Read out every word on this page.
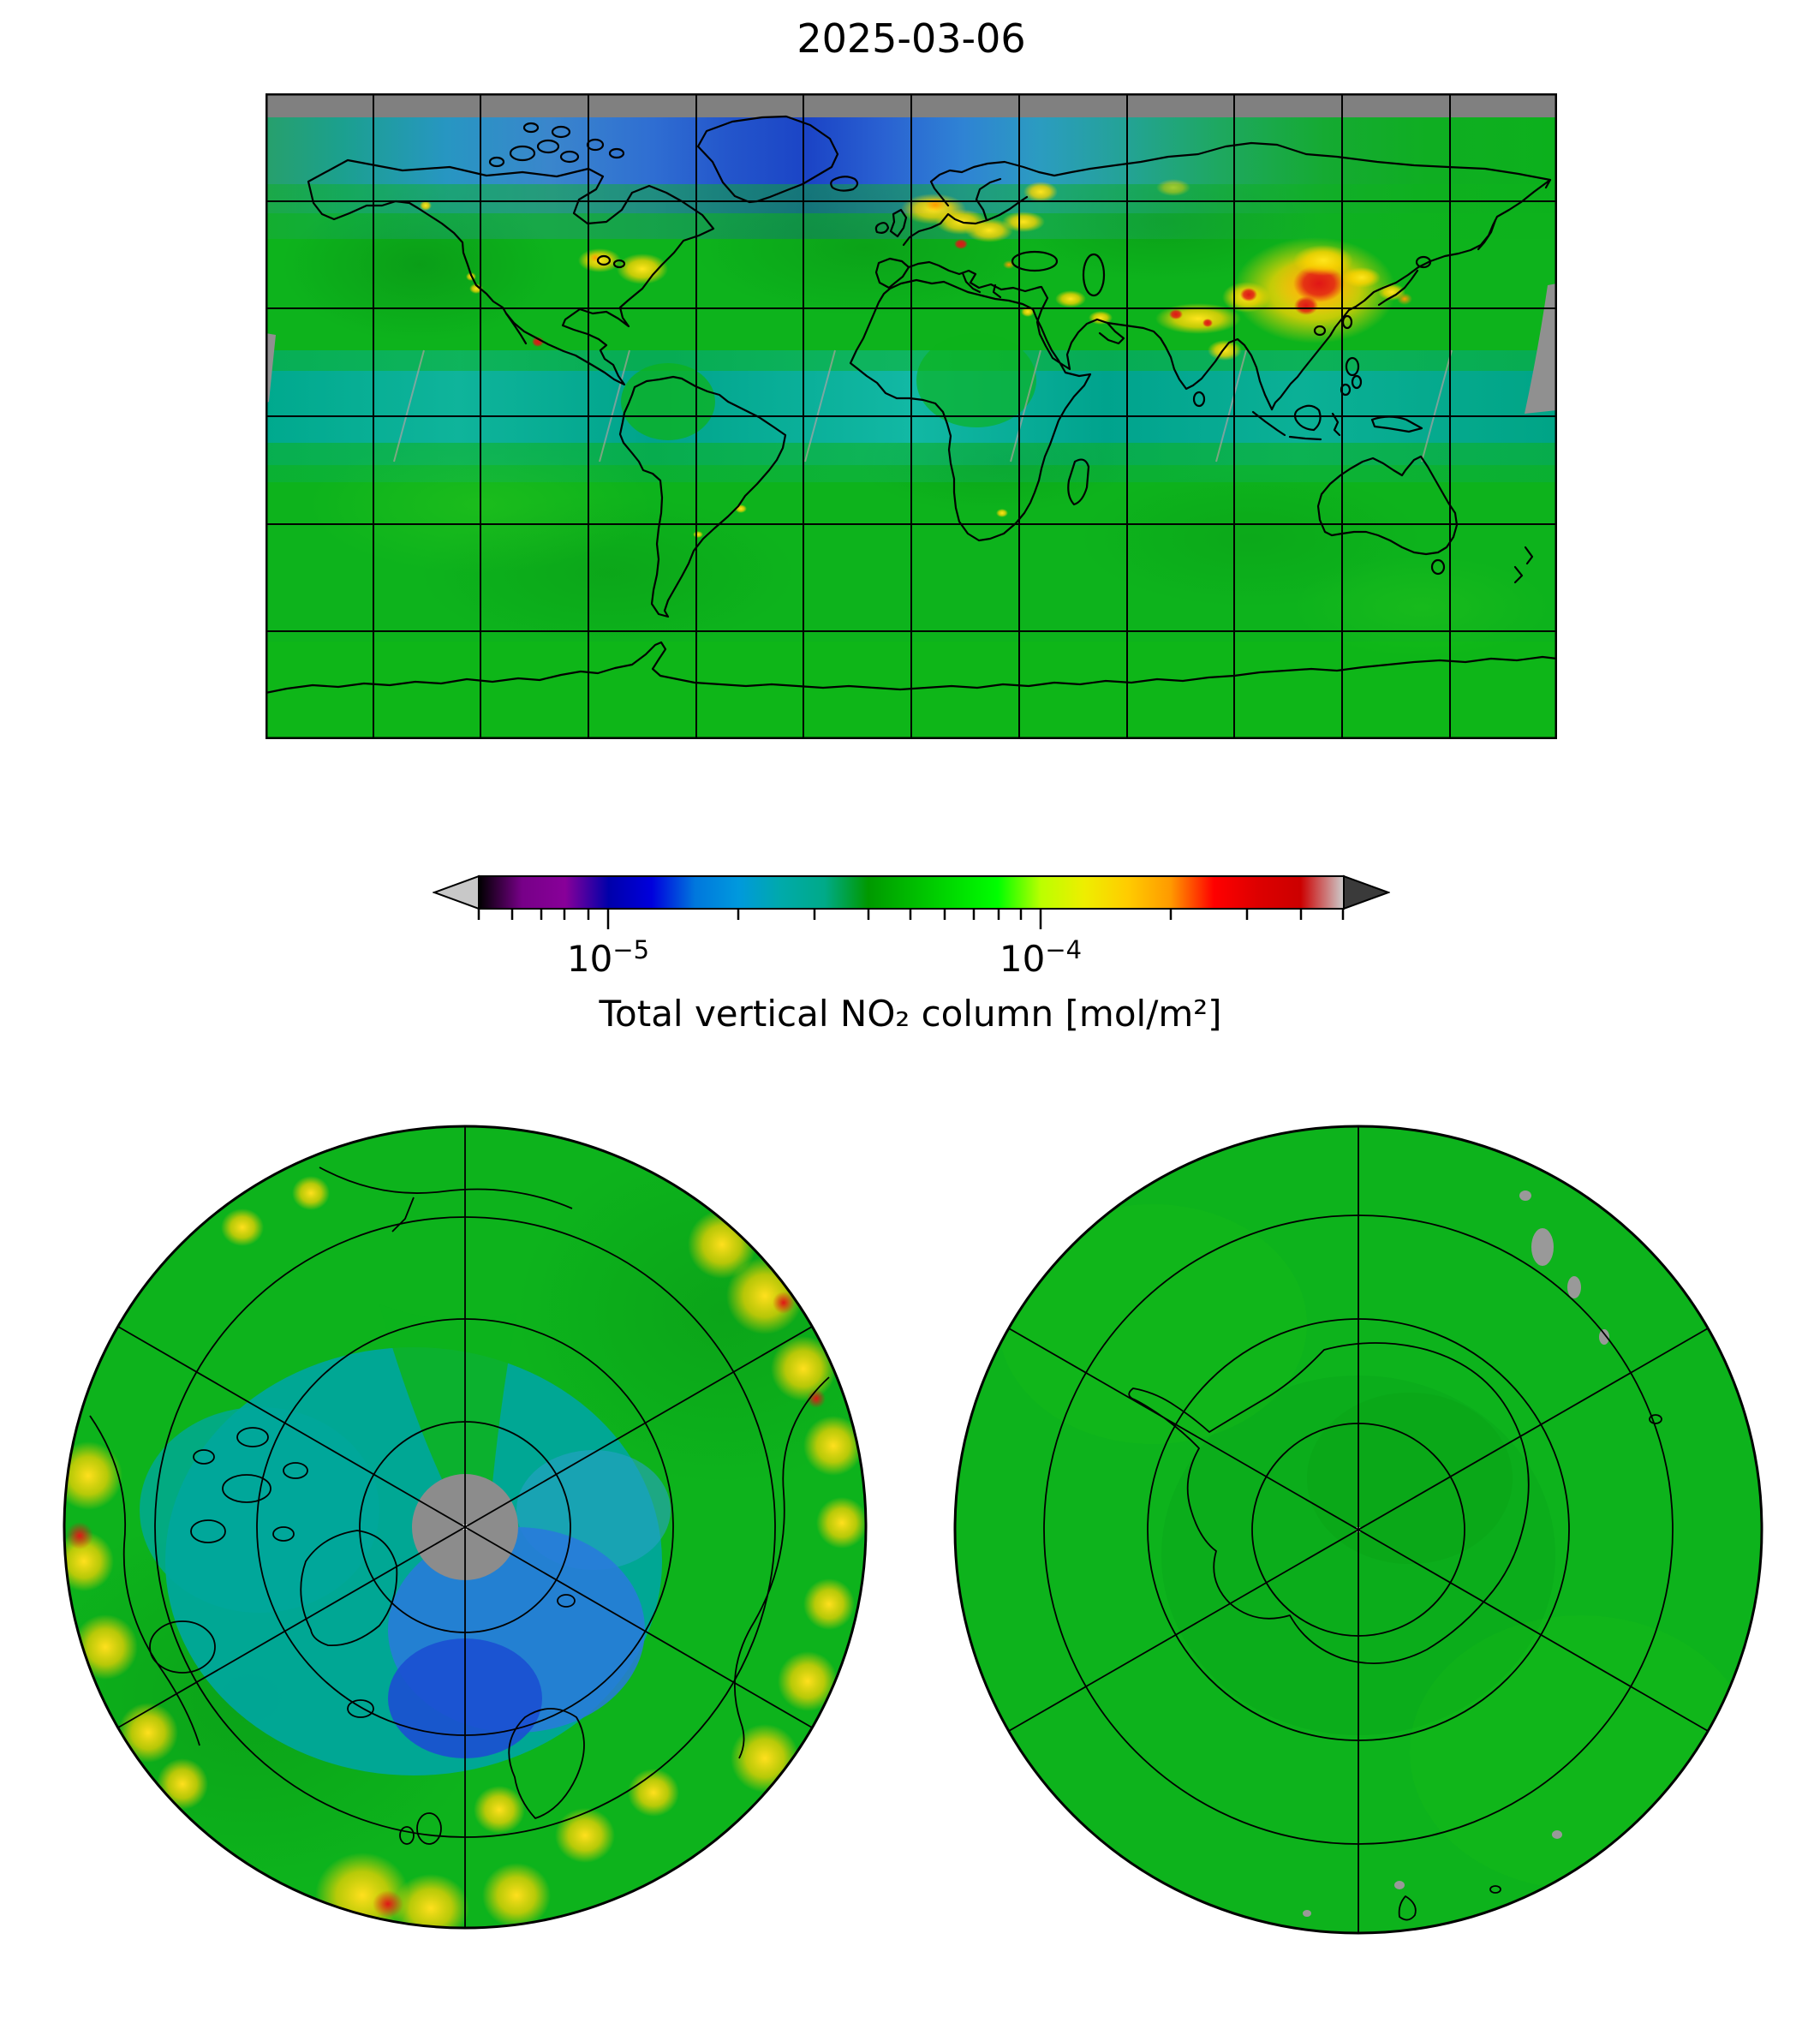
2025-03-06
$10^{-5}$	$10^{-4}$
Total vertical NO₂ column [mol/m²]
